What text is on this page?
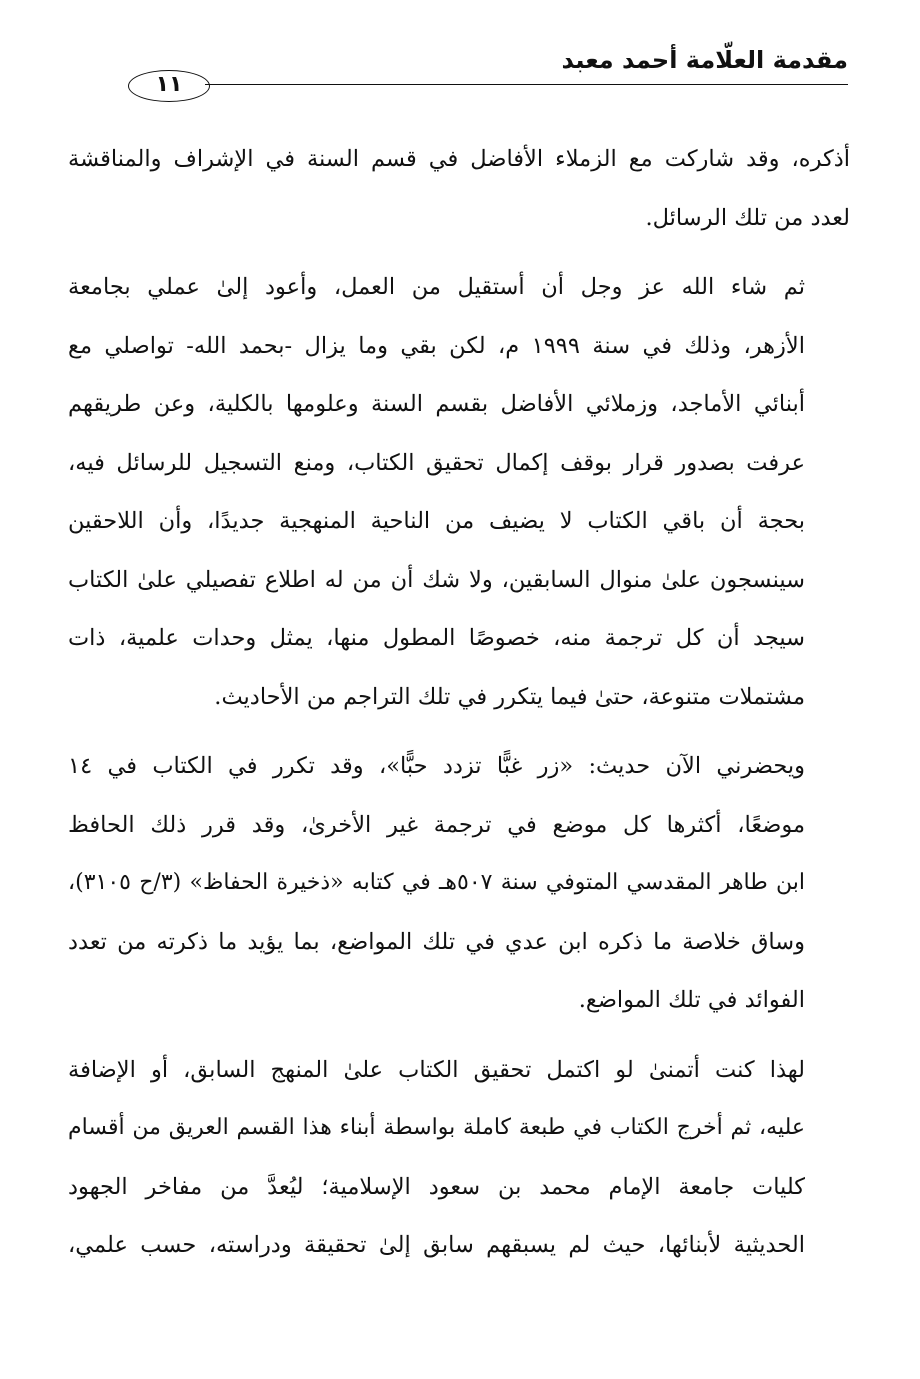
مقدمة العلّامة أحمد معبد
١١

أذكره، وقد شاركت مع الزملاء الأفاضل في قسم السنة في الإشراف والمناقشة
لعدد من تلك الرسائل.

ثم شاء الله عز وجل أن أستقيل من العمل، وأعود إلىٰ عملي بجامعة
الأزهر، وذلك في سنة ١٩٩٩ م، لكن بقي وما يزال -بحمد الله- تواصلي مع
أبنائي الأماجد، وزملائي الأفاضل بقسم السنة وعلومها بالكلية، وعن طريقهم
عرفت بصدور قرار بوقف إكمال تحقيق الكتاب، ومنع التسجيل للرسائل فيه،
بحجة أن باقي الكتاب لا يضيف من الناحية المنهجية جديدًا، وأن اللاحقين
سينسجون علىٰ منوال السابقين، ولا شك أن من له اطلاع تفصيلي علىٰ الكتاب
سيجد أن كل ترجمة منه، خصوصًا المطول منها، يمثل وحدات علمية، ذات
مشتملات متنوعة، حتىٰ فيما يتكرر في تلك التراجم من الأحاديث.

ويحضرني الآن حديث: «زر غبًّا تزدد حبًّا»، وقد تكرر في الكتاب في ١٤
موضعًا، أكثرها كل موضع في ترجمة غير الأخرىٰ، وقد قرر ذلك الحافظ
ابن طاهر المقدسي المتوفي سنة ٥٠٧هـ في كتابه «ذخيرة الحفاظ» (٣/ح ٣١٠٥)،
وساق خلاصة ما ذكره ابن عدي في تلك المواضع، بما يؤيد ما ذكرته من تعدد
الفوائد في تلك المواضع.

لهذا كنت أتمنىٰ لو اكتمل تحقيق الكتاب علىٰ المنهج السابق، أو الإضافة
عليه، ثم أخرج الكتاب في طبعة كاملة بواسطة أبناء هذا القسم العريق من أقسام
كليات جامعة الإمام محمد بن سعود الإسلامية؛ ليُعدَّ من مفاخر الجهود
الحديثية لأبنائها، حيث لم يسبقهم سابق إلىٰ تحقيقة ودراسته، حسب علمي،
